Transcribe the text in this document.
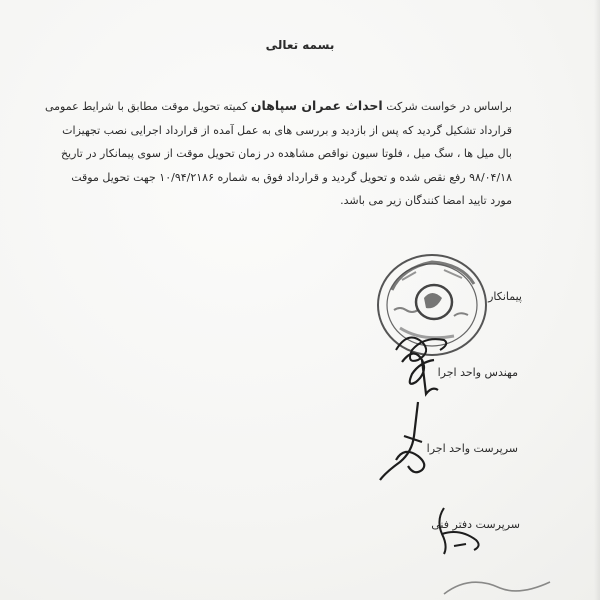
بسمه تعالی
براساس در خواست شرکت احداث عمران سپاهان کمیته تحویل موقت مطابق با شرایط عمومی
قرارداد تشکیل گردید که پس از بازدید و بررسی های به عمل آمده از قرارداد اجرایی نصب تجهیزات
بال میل ها ، سگ میل ، فلوتا سیون نواقص مشاهده در زمان تحویل موقت از سوی پیمانکار در تاریخ
۹۸/۰۴/۱۸ رفع نقص شده و تحویل گردید و قرارداد فوق به شماره ۱۰/۹۴/۲۱۸۶ جهت تحویل موقت
مورد تایید امضا کنندگان زیر می باشد.
پیمانکار
مهندس واحد اجرا
سرپرست واحد اجرا
سرپرست دفتر فنی
